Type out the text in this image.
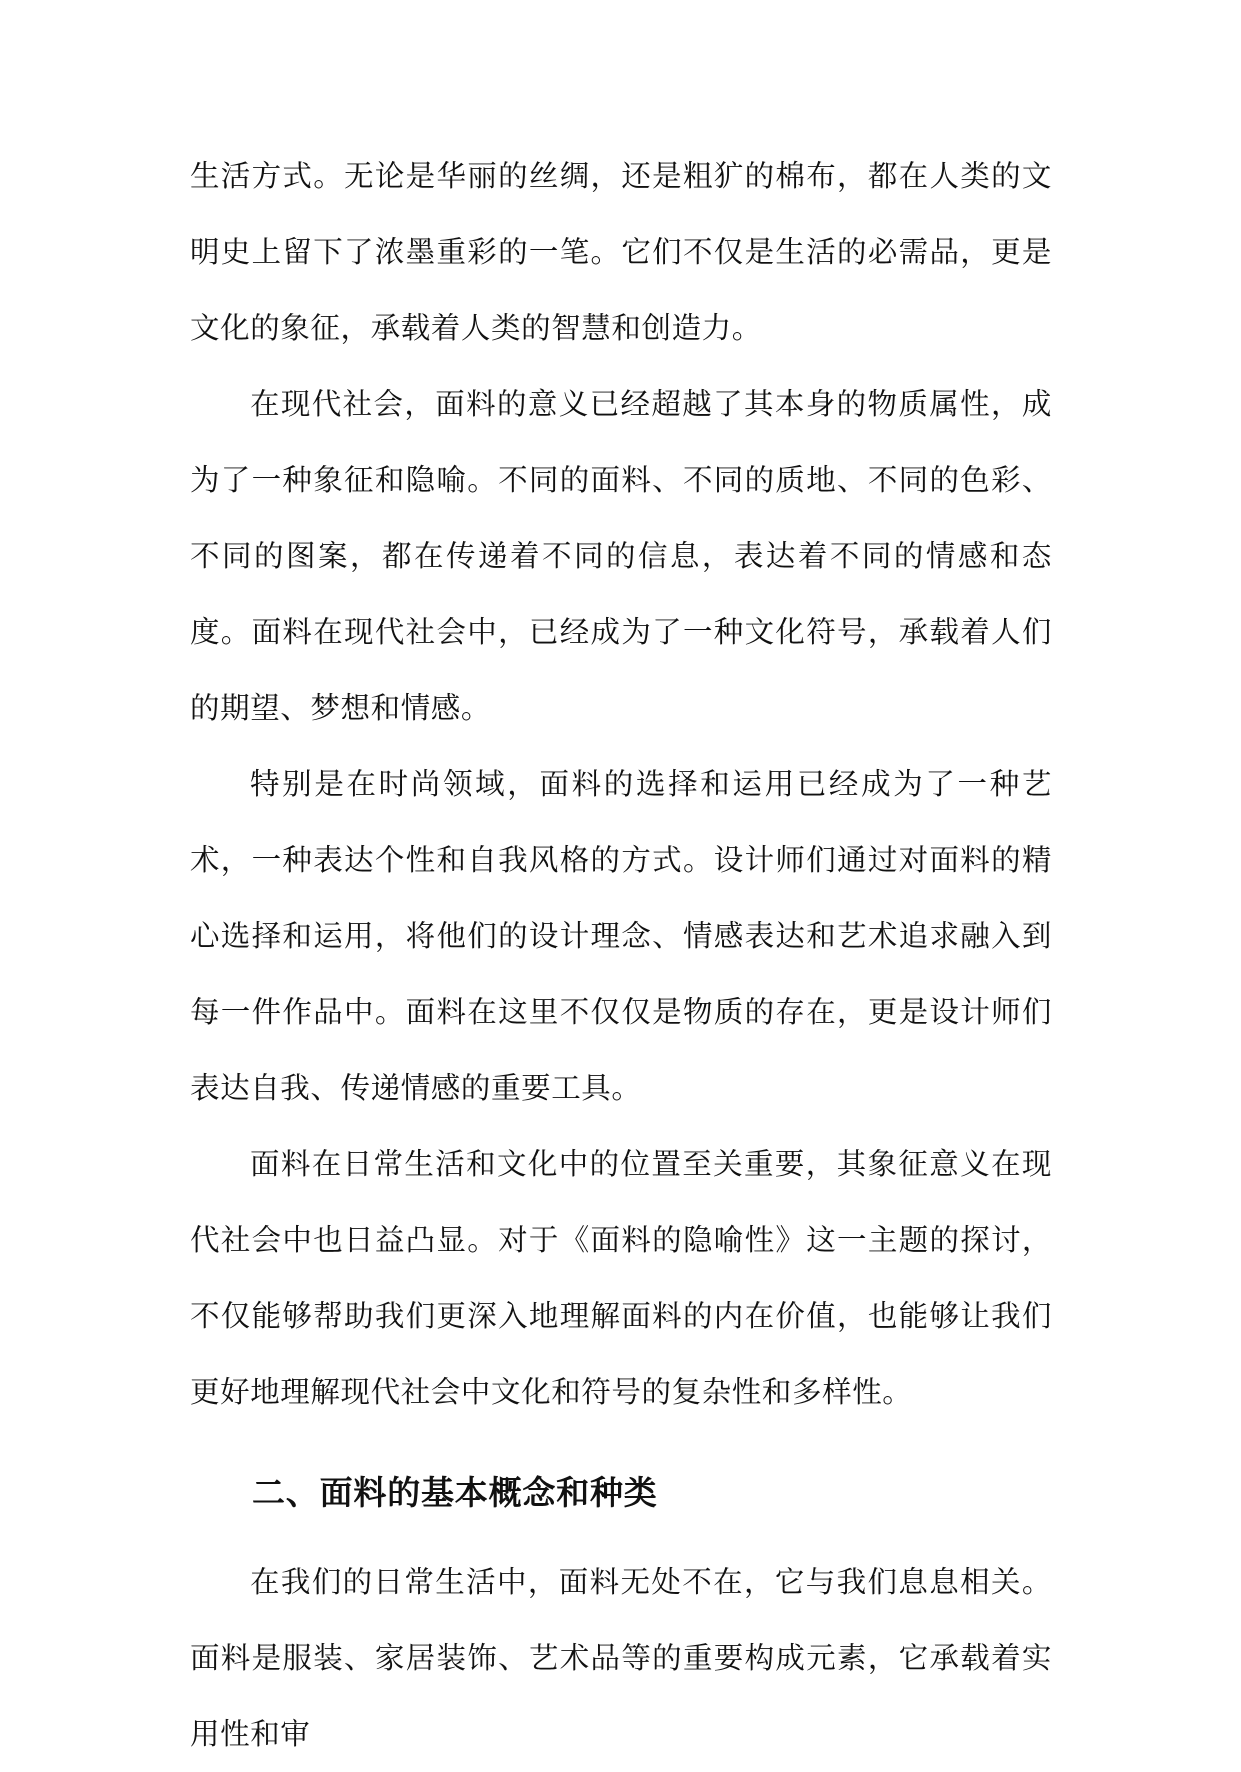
生活方式。无论是华丽的丝绸，还是粗犷的棉布，都在人类的文明史上留下了浓墨重彩的一笔。它们不仅是生活的必需品，更是文化的象征，承载着人类的智慧和创造力。

在现代社会，面料的意义已经超越了其本身的物质属性，成为了一种象征和隐喻。不同的面料、不同的质地、不同的色彩、不同的图案，都在传递着不同的信息，表达着不同的情感和态度。面料在现代社会中，已经成为了一种文化符号，承载着人们的期望、梦想和情感。

特别是在时尚领域，面料的选择和运用已经成为了一种艺术，一种表达个性和自我风格的方式。设计师们通过对面料的精心选择和运用，将他们的设计理念、情感表达和艺术追求融入到每一件作品中。面料在这里不仅仅是物质的存在，更是设计师们表达自我、传递情感的重要工具。

面料在日常生活和文化中的位置至关重要，其象征意义在现代社会中也日益凸显。对于《面料的隐喻性》这一主题的探讨，不仅能够帮助我们更深入地理解面料的内在价值，也能够让我们更好地理解现代社会中文化和符号的复杂性和多样性。

二、面料的基本概念和种类

在我们的日常生活中，面料无处不在，它与我们息息相关。面料是服装、家居装饰、艺术品等的重要构成元素，它承载着实用性和审
